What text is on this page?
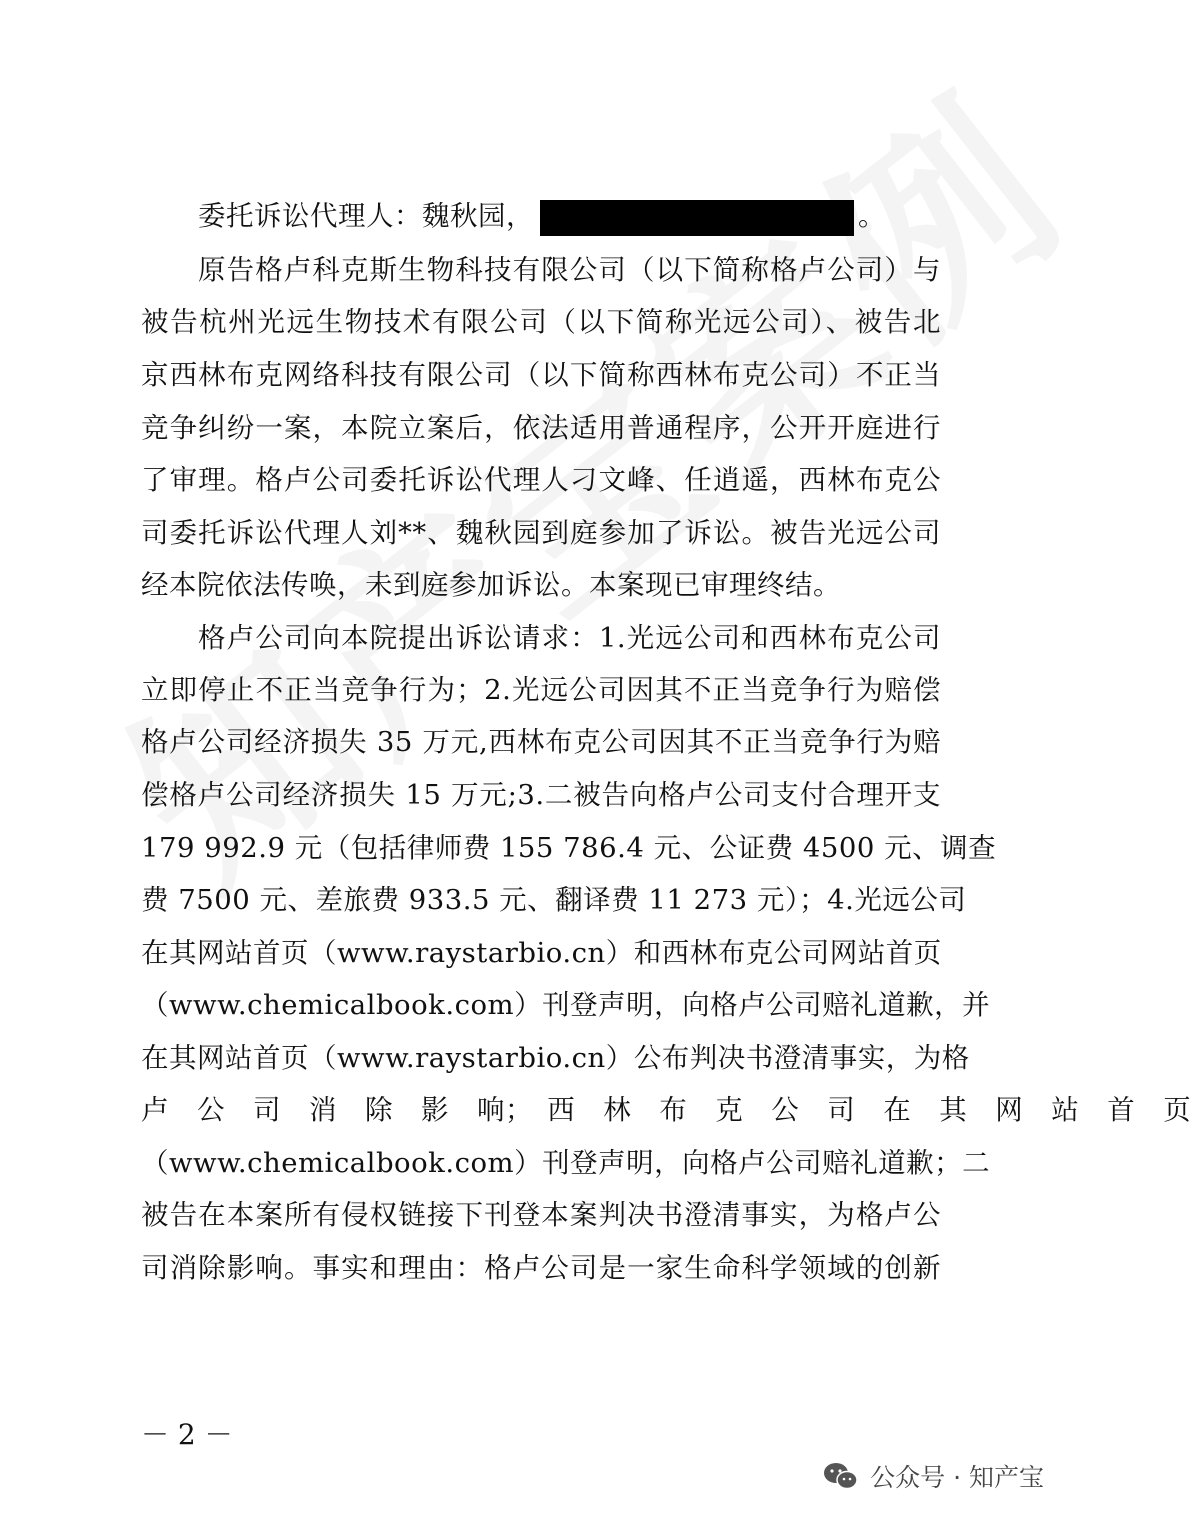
委托诉讼代理人：魏秋园，	。
原告格卢科克斯生物科技有限公司（以下简称格卢公司）与
被告杭州光远生物技术有限公司（以下简称光远公司）、被告北
京西林布克网络科技有限公司（以下简称西林布克公司）不正当
竞争纠纷一案，本院立案后，依法适用普通程序，公开开庭进行
了审理。格卢公司委托诉讼代理人刁文峰、任逍遥，西林布克公
司委托诉讼代理人刘**、魏秋园到庭参加了诉讼。被告光远公司
经本院依法传唤，未到庭参加诉讼。本案现已审理终结。
格卢公司向本院提出诉讼请求：1.光远公司和西林布克公司
立即停止不正当竞争行为；2.光远公司因其不正当竞争行为赔偿
格卢公司经济损失 35 万元,西林布克公司因其不正当竞争行为赔
偿格卢公司经济损失 15 万元;3.二被告向格卢公司支付合理开支
179 992.9 元（包括律师费 155 786.4 元、公证费 4500 元、调查
费 7500 元、差旅费 933.5 元、翻译费 11 273 元）；4.光远公司
在其网站首页（www.raystarbio.cn）和西林布克公司网站首页
（www.chemicalbook.com）刊登声明，向格卢公司赔礼道歉，并
在其网站首页（www.raystarbio.cn）公布判决书澄清事实，为格
卢　公　司　消　除　影　响；　西　林　布　克　公　司　在　其　网　站　首　页
（www.chemicalbook.com）刊登声明，向格卢公司赔礼道歉；二
被告在本案所有侵权链接下刊登本案判决书澄清事实，为格卢公
司消除影响。事实和理由：格卢公司是一家生命科学领域的创新
－ 2 －
公众号 · 知产宝
